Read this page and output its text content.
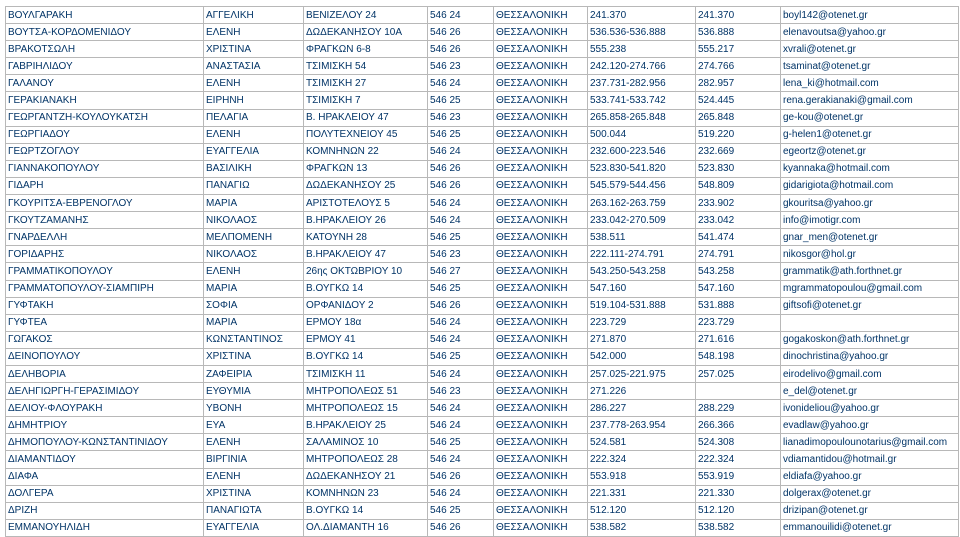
ΒΟΥΛΓΑΡΑΚΗ	ΑΓΓΕΛΙΚΗ	ΒΕΝΙΖΕΛΟΥ 24	546 24	ΘΕΣΣΑΛΟΝΙΚΗ	241.370	241.370	boyl142@otenet.gr
ΒΟΥΤΣΑ-ΚΟΡΔΟΜΕΝΙΔΟΥ	ΕΛΕΝΗ	ΔΩΔΕΚΑΝΗΣΟΥ 10Α	546 26	ΘΕΣΣΑΛΟΝΙΚΗ	536.536-536.888	536.888	elenavoutsa@yahoo.gr
ΒΡΑΚΟΤΣΩΛΗ	ΧΡΙΣΤΙΝΑ	ΦΡΑΓΚΩΝ 6-8	546 26	ΘΕΣΣΑΛΟΝΙΚΗ	555.238	555.217	xvrali@otenet.gr
ΓΑΒΡΙΗΛΙΔΟΥ	ΑΝΑΣΤΑΣΙΑ	ΤΣΙΜΙΣΚΗ 54	546 23	ΘΕΣΣΑΛΟΝΙΚΗ	242.120-274.766	274.766	tsaminat@otenet.gr
ΓΑΛΑΝΟΥ	ΕΛΕΝΗ	ΤΣΙΜΙΣΚΗ 27	546 24	ΘΕΣΣΑΛΟΝΙΚΗ	237.731-282.956	282.957	lena_ki@hotmail.com
ΓΕΡΑΚΙΑΝΑΚΗ	ΕΙΡΗΝΗ	ΤΣΙΜΙΣΚΗ 7	546 25	ΘΕΣΣΑΛΟΝΙΚΗ	533.741-533.742	524.445	rena.gerakianaki@gmail.com
ΓΕΩΡΓΑΝΤΖΗ-ΚΟΥΛΟΥΚΑΤΣΗ	ΠΕΛΑΓΙΑ	Β. ΗΡΑΚΛΕΙΟΥ 47	546 23	ΘΕΣΣΑΛΟΝΙΚΗ	265.858-265.848	265.848	ge-kou@otenet.gr
ΓΕΩΡΓΙΑΔΟΥ	ΕΛΕΝΗ	ΠΟΛΥΤΕΧΝΕΙΟΥ 45	546 25	ΘΕΣΣΑΛΟΝΙΚΗ	500.044	519.220	g-helen1@otenet.gr
ΓΕΩΡΤΖΟΓΛΟΥ	ΕΥΑΓΓΕΛΙΑ	ΚΟΜΝΗΝΩΝ 22	546 24	ΘΕΣΣΑΛΟΝΙΚΗ	232.600-223.546	232.669	egeortz@otenet.gr
ΓΙΑΝΝΑΚΟΠΟΥΛΟΥ	ΒΑΣΙΛΙΚΗ	ΦΡΑΓΚΩΝ 13	546 26	ΘΕΣΣΑΛΟΝΙΚΗ	523.830-541.820	523.830	kyannaka@hotmail.com
ΓΙΔΑΡΗ	ΠΑΝΑΓΙΩ	ΔΩΔΕΚΑΝΗΣΟΥ 25	546 26	ΘΕΣΣΑΛΟΝΙΚΗ	545.579-544.456	548.809	gidarigiota@hotmail.com
ΓΚΟΥΡΙΤΣΑ-ΕΒΡΕΝΟΓΛΟΥ	ΜΑΡΙΑ	ΑΡΙΣΤΟΤΕΛΟΥΣ 5	546 24	ΘΕΣΣΑΛΟΝΙΚΗ	263.162-263.759	233.902	gkouritsa@yahoo.gr
ΓΚΟΥΤΖΑΜΑΝΗΣ	ΝΙΚΟΛΑΟΣ	Β.ΗΡΑΚΛΕΙΟΥ 26	546 24	ΘΕΣΣΑΛΟΝΙΚΗ	233.042-270.509	233.042	info@imotigr.com
ΓΝΑΡΔΕΛΛΗ	ΜΕΛΠΟΜΕΝΗ	ΚΑΤΟΥΝΗ 28	546 25	ΘΕΣΣΑΛΟΝΙΚΗ	538.511	541.474	gnar_men@otenet.gr
ΓΟΡΙΔΑΡΗΣ	ΝΙΚΟΛΑΟΣ	Β.ΗΡΑΚΛΕΙΟΥ 47	546 23	ΘΕΣΣΑΛΟΝΙΚΗ	222.111-274.791	274.791	nikosgor@hol.gr
ΓΡΑΜΜΑΤΙΚΟΠΟΥΛΟΥ	ΕΛΕΝΗ	26ης ΟΚΤΩΒΡΙΟΥ 10	546 27	ΘΕΣΣΑΛΟΝΙΚΗ	543.250-543.258	543.258	grammatik@ath.forthnet.gr
ΓΡΑΜΜΑΤΟΠΟΥΛΟΥ-ΣΙΑΜΠΙΡΗ	ΜΑΡΙΑ	Β.ΟΥΓΚΩ 14	546 25	ΘΕΣΣΑΛΟΝΙΚΗ	547.160	547.160	mgrammatopoulou@gmail.com
ΓΥΦΤΑΚΗ	ΣΟΦΙΑ	ΟΡΦΑΝΙΔΟΥ 2	546 26	ΘΕΣΣΑΛΟΝΙΚΗ	519.104-531.888	531.888	giftsofi@otenet.gr
ΓΥΦΤΕΑ	ΜΑΡΙΑ	ΕΡΜΟΥ 18α	546 24	ΘΕΣΣΑΛΟΝΙΚΗ	223.729	223.729	
ΓΩΓΑΚΟΣ	ΚΩΝΣΤΑΝΤΙΝΟΣ	ΕΡΜΟΥ 41	546 24	ΘΕΣΣΑΛΟΝΙΚΗ	271.870	271.616	gogakoskon@ath.forthnet.gr
ΔΕΙΝΟΠΟΥΛΟΥ	ΧΡΙΣΤΙΝΑ	Β.ΟΥΓΚΩ 14	546 25	ΘΕΣΣΑΛΟΝΙΚΗ	542.000	548.198	dinochristina@yahoo.gr
ΔΕΛΗΒΟΡΙΑ	ΖΑΦΕΙΡΙΑ	ΤΣΙΜΙΣΚΗ 11	546 24	ΘΕΣΣΑΛΟΝΙΚΗ	257.025-221.975	257.025	eirodelivo@gmail.com
ΔΕΛΗΓΙΩΡΓΗ-ΓΕΡΑΣΙΜΙΔΟΥ	ΕΥΘΥΜΙΑ	ΜΗΤΡΟΠΟΛΕΩΣ 51	546 23	ΘΕΣΣΑΛΟΝΙΚΗ	271.226		e_del@otenet.gr
ΔΕΛΙΟΥ-ΦΛΟΥΡΑΚΗ	ΥΒΟΝΗ	ΜΗΤΡΟΠΟΛΕΩΣ 15	546 24	ΘΕΣΣΑΛΟΝΙΚΗ	286.227	288.229	ivonideliou@yahoo.gr
ΔΗΜΗΤΡΙΟΥ	ΕΥΑ	Β.ΗΡΑΚΛΕΙΟΥ 25	546 24	ΘΕΣΣΑΛΟΝΙΚΗ	237.778-263.954	266.366	evadlaw@yahoo.gr
ΔΗΜΟΠΟΥΛΟΥ-ΚΩΝΣΤΑΝΤΙΝΙΔΟΥ	ΕΛΕΝΗ	ΣΑΛΑΜΙΝΟΣ 10	546 25	ΘΕΣΣΑΛΟΝΙΚΗ	524.581	524.308	lianadimopoulounotarius@gmail.com
ΔΙΑΜΑΝΤΙΔΟΥ	ΒΙΡΓΙΝΙΑ	ΜΗΤΡΟΠΟΛΕΩΣ 28	546 24	ΘΕΣΣΑΛΟΝΙΚΗ	222.324	222.324	vdiamantidou@hotmail.gr
ΔΙΑΦΑ	ΕΛΕΝΗ	ΔΩΔΕΚΑΝΗΣΟΥ 21	546 26	ΘΕΣΣΑΛΟΝΙΚΗ	553.918	553.919	eldiafa@yahoo.gr
ΔΟΛΓΕΡΑ	ΧΡΙΣΤΙΝΑ	ΚΟΜΝΗΝΩΝ 23	546 24	ΘΕΣΣΑΛΟΝΙΚΗ	221.331	221.330	dolgerax@otenet.gr
ΔΡΙΖΗ	ΠΑΝΑΓΙΩΤΑ	Β.ΟΥΓΚΩ 14	546 25	ΘΕΣΣΑΛΟΝΙΚΗ	512.120	512.120	drizipan@otenet.gr
ΕΜΜΑΝΟΥΗΛΙΔΗ	ΕΥΑΓΓΕΛΙΑ	ΟΛ.ΔΙΑΜΑΝΤΗ 16	546 26	ΘΕΣΣΑΛΟΝΙΚΗ	538.582	538.582	emmanouilidi@otenet.gr
